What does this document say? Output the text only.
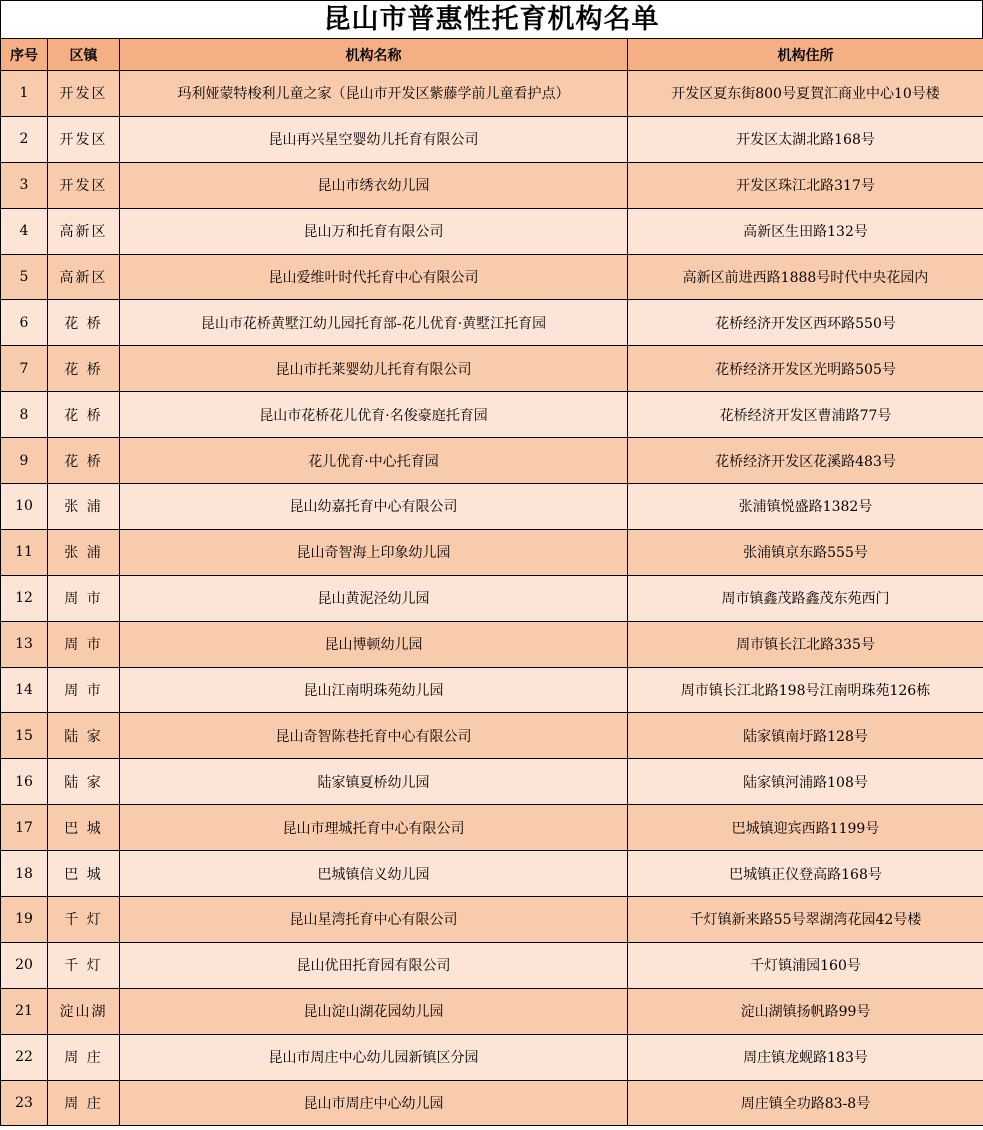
昆山市普惠性托育机构名单
序号	区镇	机构名称	机构住所
1	开发区	玛利娅蒙特梭利儿童之家（昆山市开发区紫藤学前儿童看护点）	开发区夏东街800号夏賀汇商业中心10号楼
2	开发区	昆山再兴星空婴幼儿托育有限公司	开发区太湖北路168号
3	开发区	昆山市绣衣幼儿园	开发区珠江北路317号
4	高新区	昆山万和托育有限公司	高新区生田路132号
5	高新区	昆山爱维叶时代托育中心有限公司	高新区前进西路1888号时代中央花园内
6	花 桥	昆山市花桥黄墅江幼儿园托育部-花儿优育·黄墅江托育园	花桥经济开发区西环路550号
7	花 桥	昆山市托莱婴幼儿托育有限公司	花桥经济开发区光明路505号
8	花 桥	昆山市花桥花儿优育·名俊豪庭托育园	花桥经济开发区曹浦路77号
9	花 桥	花儿优育·中心托育园	花桥经济开发区花溪路483号
10	张 浦	昆山幼嘉托育中心有限公司	张浦镇悦盛路1382号
11	张 浦	昆山奇智海上印象幼儿园	张浦镇京东路555号
12	周 市	昆山黄泥泾幼儿园	周市镇鑫茂路鑫茂东苑西门
13	周 市	昆山博顿幼儿园	周市镇长江北路335号
14	周 市	昆山江南明珠苑幼儿园	周市镇长江北路198号江南明珠苑126栋
15	陆 家	昆山奇智陈巷托育中心有限公司	陆家镇南圩路128号
16	陆 家	陆家镇夏桥幼儿园	陆家镇河浦路108号
17	巴 城	昆山市理城托育中心有限公司	巴城镇迎宾西路1199号
18	巴 城	巴城镇信义幼儿园	巴城镇正仪登高路168号
19	千 灯	昆山星湾托育中心有限公司	千灯镇新来路55号翠湖湾花园42号楼
20	千 灯	昆山优田托育园有限公司	千灯镇浦园160号
21	淀山湖	昆山淀山湖花园幼儿园	淀山湖镇扬帆路99号
22	周 庄	昆山市周庄中心幼儿园新镇区分园	周庄镇龙蚬路183号
23	周 庄	昆山市周庄中心幼儿园	周庄镇全功路83-8号
